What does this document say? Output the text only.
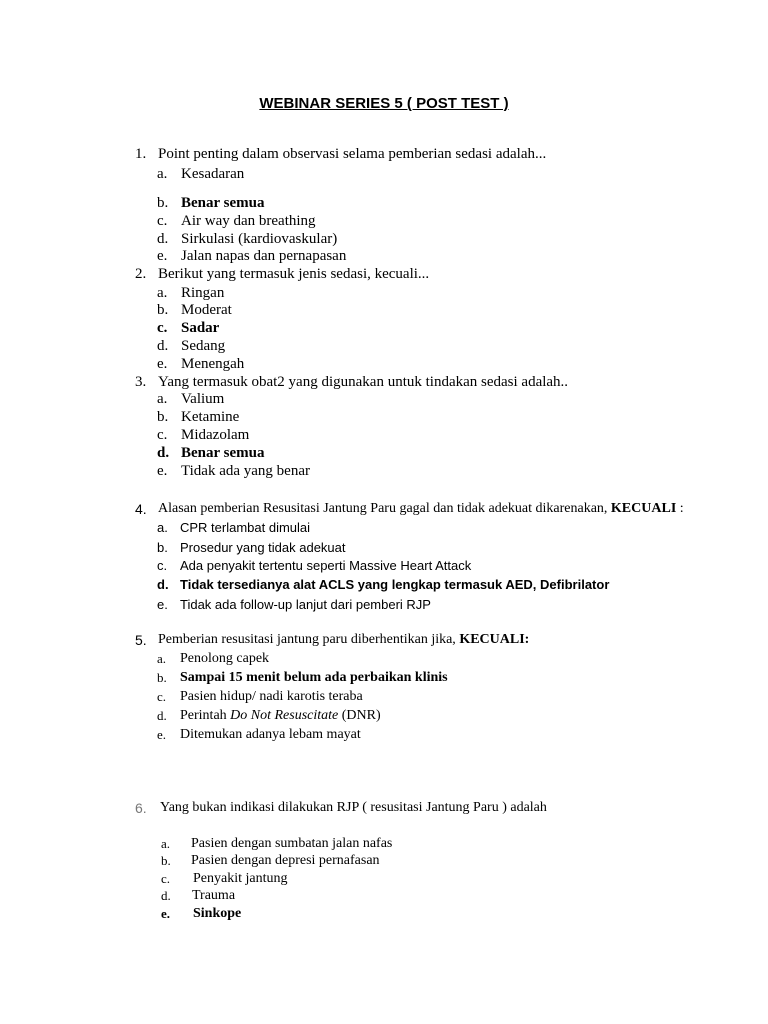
WEBINAR SERIES 5 ( POST TEST )
1. Point penting dalam observasi selama pemberian sedasi adalah...
a. Kesadaran
b. Benar semua
c. Air way dan breathing
d. Sirkulasi (kardiovaskular)
e. Jalan napas dan pernapasan
2. Berikut yang termasuk jenis sedasi, kecuali...
a. Ringan
b. Moderat
c. Sadar
d. Sedang
e. Menengah
3. Yang termasuk obat2 yang digunakan untuk tindakan sedasi adalah..
a. Valium
b. Ketamine
c. Midazolam
d. Benar semua
e. Tidak ada yang benar
4. Alasan pemberian Resusitasi Jantung Paru gagal dan tidak adekuat dikarenakan, KECUALI :
a. CPR terlambat dimulai
b. Prosedur yang tidak adekuat
c. Ada penyakit tertentu seperti Massive Heart Attack
d. Tidak tersedianya alat ACLS yang lengkap termasuk AED, Defibrilator
e. Tidak ada follow-up lanjut dari pemberi RJP
5. Pemberian resusitasi jantung paru diberhentikan jika, KECUALI:
a. Penolong capek
b. Sampai 15 menit belum ada perbaikan klinis
c. Pasien hidup/ nadi karotis teraba
d. Perintah Do Not Resuscitate (DNR)
e. Ditemukan adanya lebam mayat
6. Yang bukan indikasi dilakukan RJP ( resusitasi Jantung Paru ) adalah
a. Pasien dengan sumbatan jalan nafas
b. Pasien dengan depresi pernafasan
c. Penyakit jantung
d. Trauma
e. Sinkope
